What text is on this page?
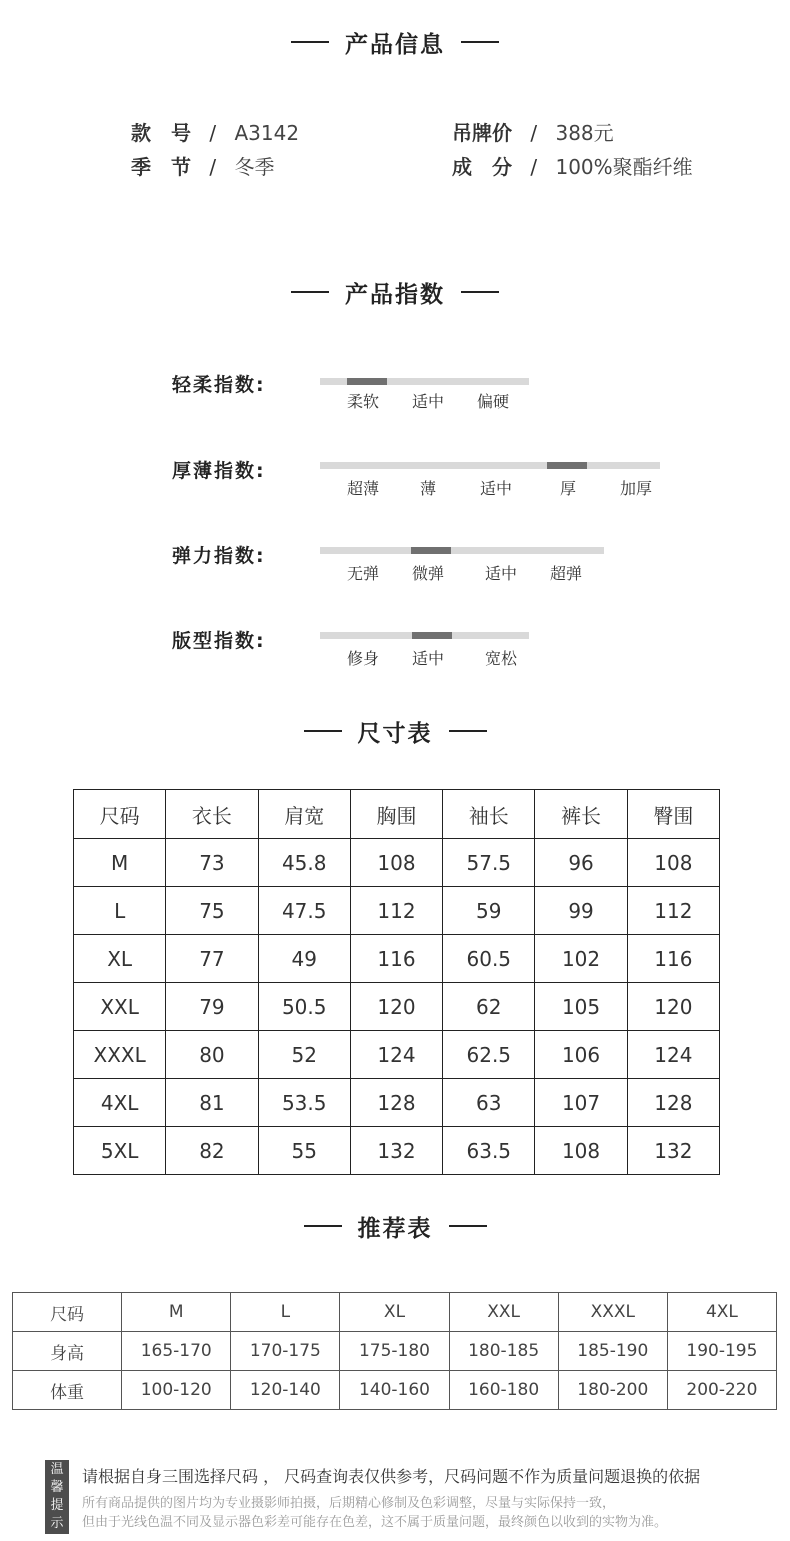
产品信息
款　号 / A3142
季　节 / 冬季
吊牌价 / 388元
成　分 / 100%聚酯纤维
产品指数
轻柔指数:
柔软 适中 偏硬
厚薄指数:
超薄	薄	适中	厚	加厚
弹力指数:
无弹 微弹	适中 超弹
版型指数:
修身 适中	宽松
尺寸表
尺码	衣长	肩宽	胸围	袖长	裤长	臀围
M	73	45.8	108	57.5	96	108
L	75	47.5	112	59	99	112
XL	77	49	116	60.5	102	116
XXL	79	50.5	120	62	105	120
XXXL	80	52	124	62.5	106	124
4XL	81	53.5	128	63	107	128
5XL	82	55	132	63.5	108	132
推荐表
尺码	M	L	XL	XXL	XXXL	4XL
身高	165-170	170-175	175-180	180-185	185-190	190-195
体重	100-120	120-140	140-160	160-180	180-200	200-220
温馨提示
请根据自身三围选择尺码 ， 尺码查询表仅供参考，尺码问题不作为质量问题退换的依据
所有商品提供的图片均为专业摄影师拍摄，后期精心修制及色彩调整，尽量与实际保持一致，
但由于光线色温不同及显示器色彩差可能存在色差，这不属于质量问题，最终颜色以收到的实物为准。
